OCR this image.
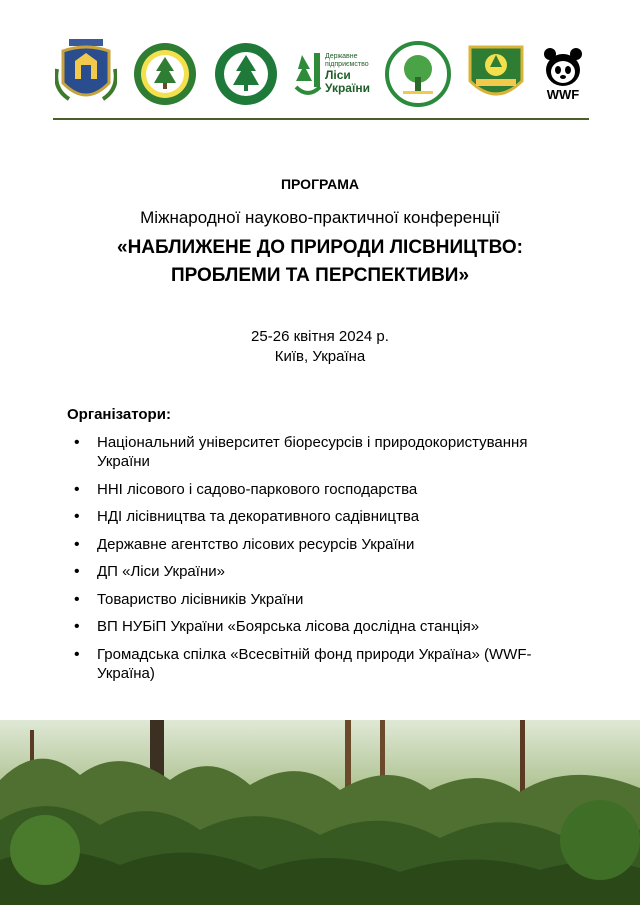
Державне
підприємство
Ліси
України	WWF
ПРОГРАМА
Міжнародної науково-практичної конференції
«НАБЛИЖЕНЕ ДО ПРИРОДИ ЛІСВНИЦТВО:
ПРОБЛЕМИ ТА ПЕРСПЕКТИВИ»
25-26 квітня 2024 р.
Київ, Україна
Організатори:
• Національний університет біоресурсів і природокористування України
• ННІ лісового і садово-паркового господарства
• НДІ лісівництва та декоративного садівництва
• Державне агентство лісових ресурсів України
• ДП «Ліси України»
• Товариство лісівників України
• ВП НУБіП України «Боярська лісова дослідна станція»
• Громадська спілка «Всесвітній фонд природи Україна» (WWF-Україна)
